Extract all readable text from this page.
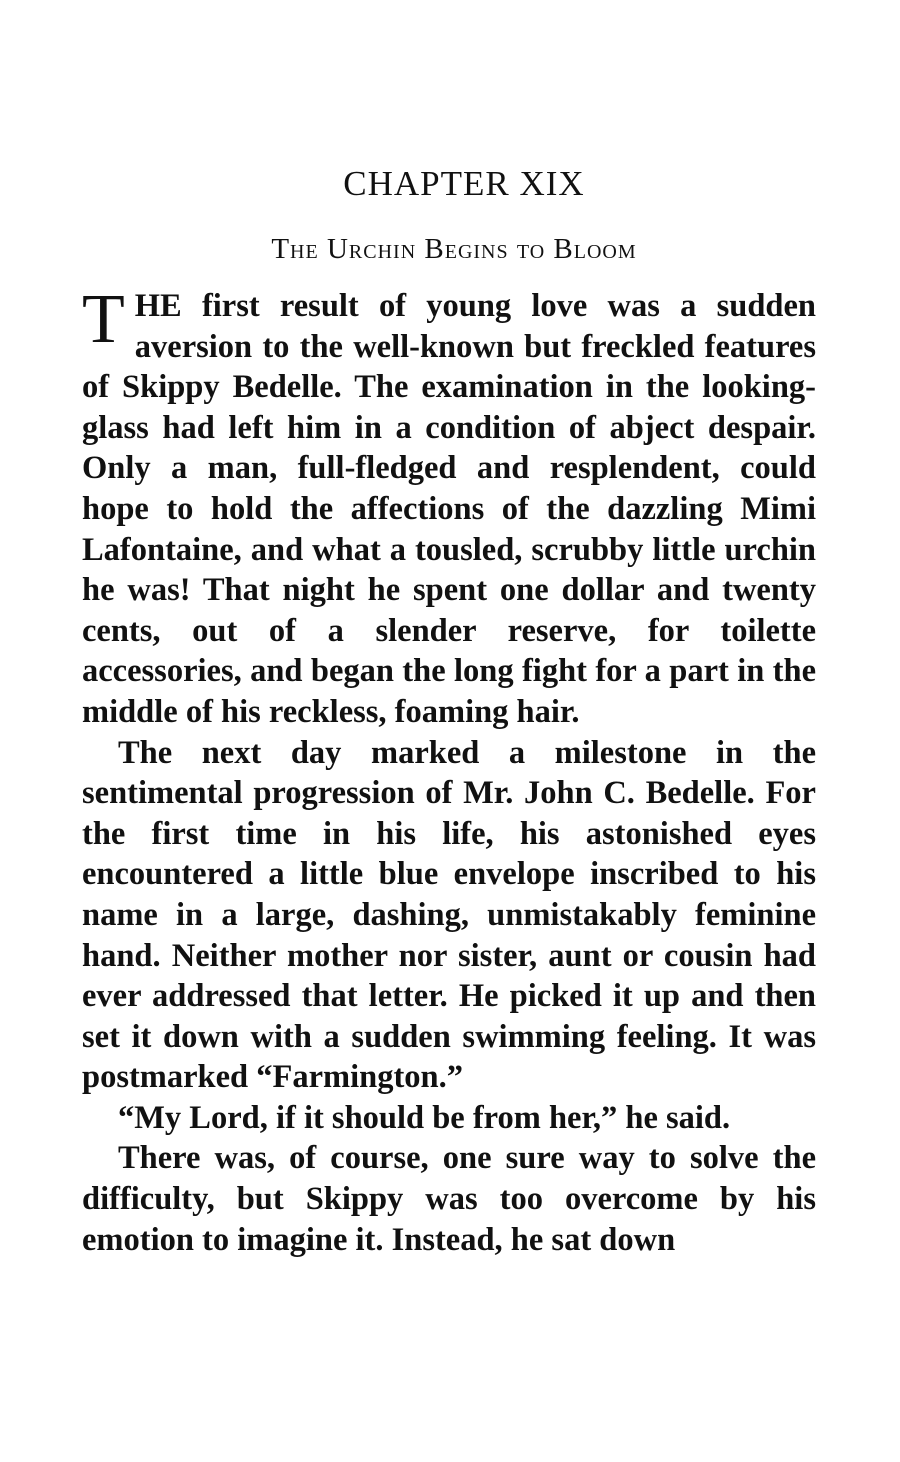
CHAPTER XIX
The Urchin Begins to Bloom

THE first result of young love was a sudden aversion to the well-known but freckled features of Skippy Bedelle. The examination in the looking-glass had left him in a condition of abject despair. Only a man, full-fledged and resplendent, could hope to hold the affections of the dazzling Mimi Lafontaine, and what a tousled, scrubby little urchin he was! That night he spent one dollar and twenty cents, out of a slender reserve, for toilette accessories, and began the long fight for a part in the middle of his reckless, foaming hair.

The next day marked a milestone in the sentimental progression of Mr. John C. Bedelle. For the first time in his life, his astonished eyes encountered a little blue envelope inscribed to his name in a large, dashing, unmistakably feminine hand. Neither mother nor sister, aunt or cousin had ever addressed that letter. He picked it up and then set it down with a sudden swimming feeling. It was postmarked “Farmington.”

“My Lord, if it should be from her,” he said.

There was, of course, one sure way to solve the difficulty, but Skippy was too overcome by his emotion to imagine it. Instead, he sat down
